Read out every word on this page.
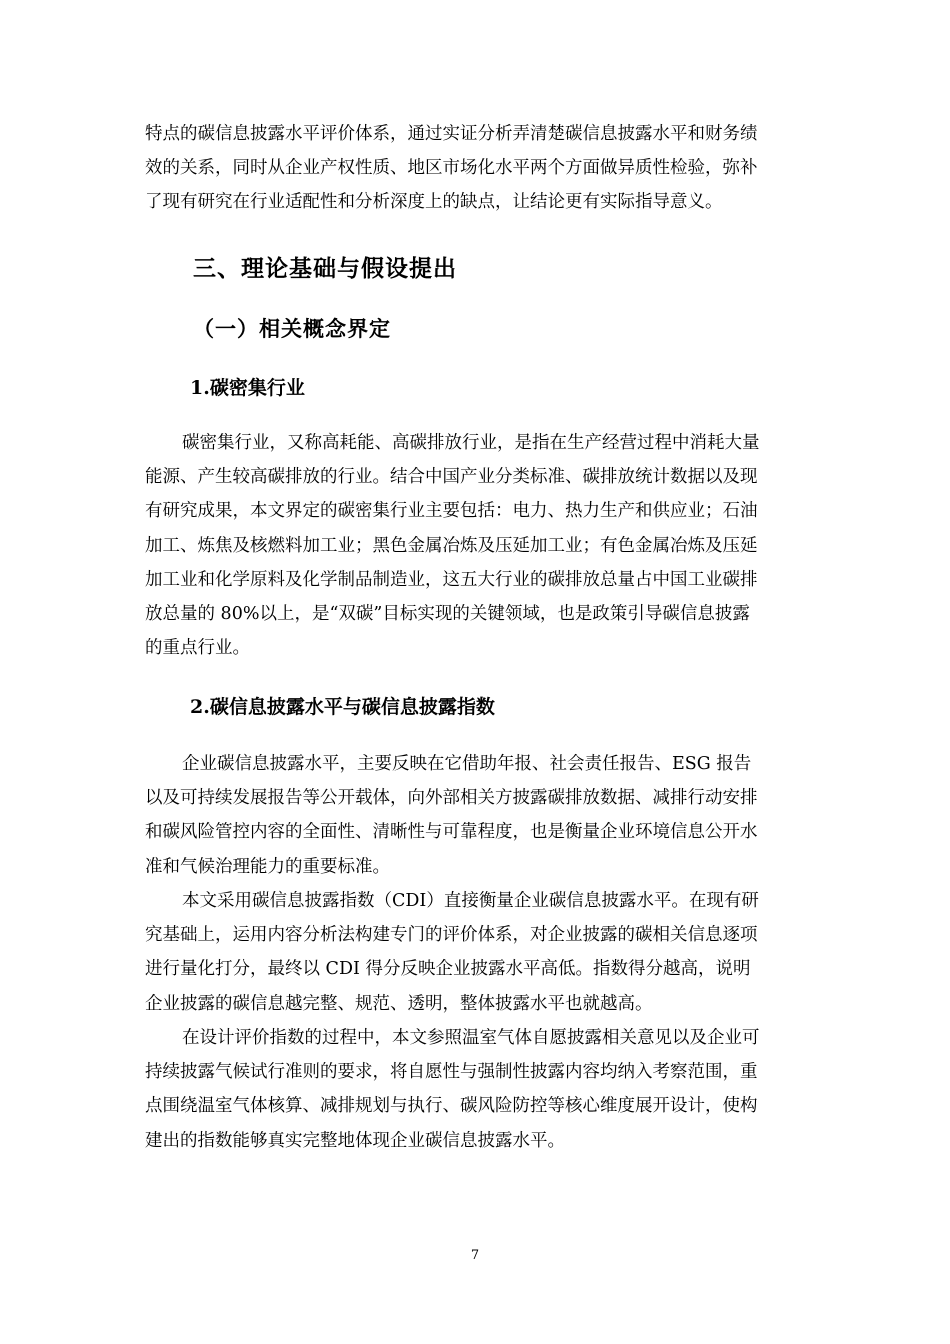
特点的碳信息披露水平评价体系，通过实证分析弄清楚碳信息披露水平和财务绩
效的关系，同时从企业产权性质、地区市场化水平两个方面做异质性检验，弥补
了现有研究在行业适配性和分析深度上的缺点，让结论更有实际指导意义。
三、理论基础与假设提出
（一）相关概念界定
1.碳密集行业
碳密集行业，又称高耗能、高碳排放行业，是指在生产经营过程中消耗大量
能源、产生较高碳排放的行业。结合中国产业分类标准、碳排放统计数据以及现
有研究成果，本文界定的碳密集行业主要包括：电力、热力生产和供应业；石油
加工、炼焦及核燃料加工业；黑色金属冶炼及压延加工业；有色金属冶炼及压延
加工业和化学原料及化学制品制造业，这五大行业的碳排放总量占中国工业碳排
放总量的 80%以上，是“双碳”目标实现的关键领域，也是政策引导碳信息披露
的重点行业。
2.碳信息披露水平与碳信息披露指数
企业碳信息披露水平，主要反映在它借助年报、社会责任报告、ESG 报告
以及可持续发展报告等公开载体，向外部相关方披露碳排放数据、减排行动安排
和碳风险管控内容的全面性、清晰性与可靠程度，也是衡量企业环境信息公开水
准和气候治理能力的重要标准。
本文采用碳信息披露指数（CDI）直接衡量企业碳信息披露水平。在现有研
究基础上，运用内容分析法构建专门的评价体系，对企业披露的碳相关信息逐项
进行量化打分，最终以 CDI 得分反映企业披露水平高低。指数得分越高，说明
企业披露的碳信息越完整、规范、透明，整体披露水平也就越高。
在设计评价指数的过程中，本文参照温室气体自愿披露相关意见以及企业可
持续披露气候试行准则的要求，将自愿性与强制性披露内容均纳入考察范围，重
点围绕温室气体核算、减排规划与执行、碳风险防控等核心维度展开设计，使构
建出的指数能够真实完整地体现企业碳信息披露水平。
7
